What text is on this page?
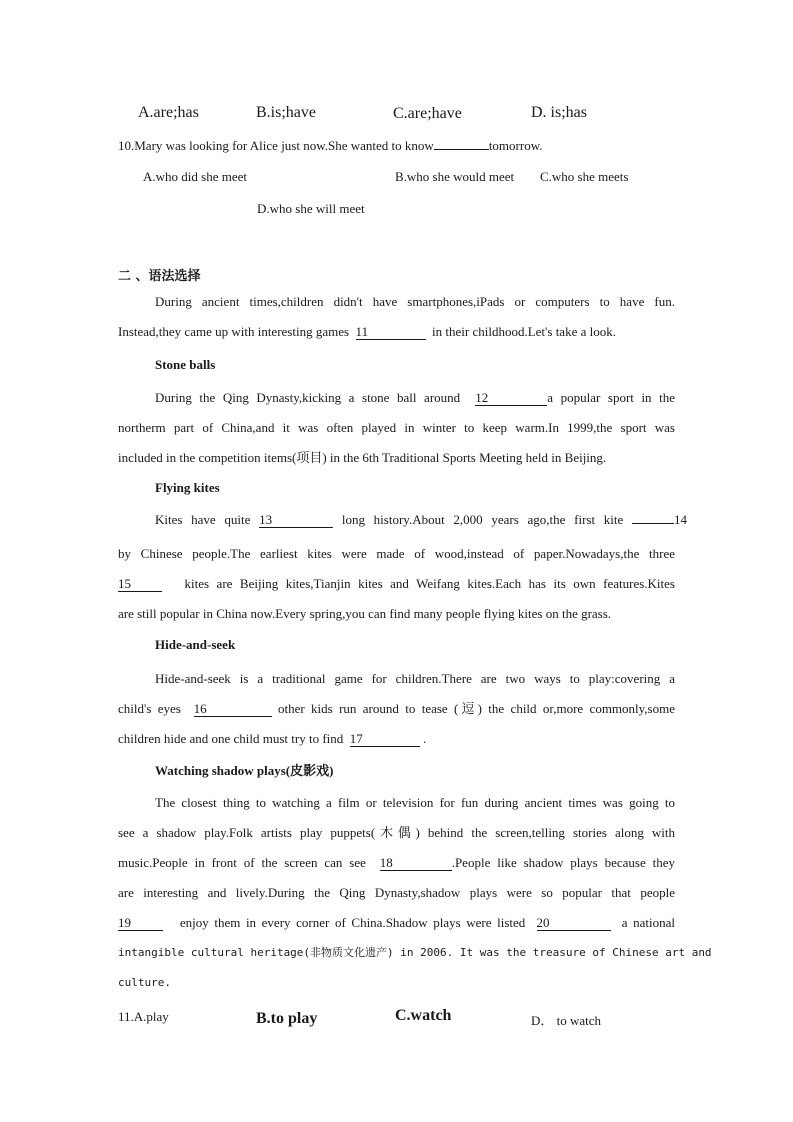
A.are;has	B.is;have	C.are;have	D. is;has
10.Mary was looking for Alice just now.She wanted to know	tomorrow.
A.who did she meet	B.who she would meet C.who she meets
D.who she will meet
二 、语法选择
During ancient times,children didn't have smartphones,iPads or computers to have fun.
Instead,they came up with interesting games 11	in their childhood.Let's take a look.
Stone balls
During the Qing Dynasty,kicking a stone ball around 12	a popular sport in the
northerm part of China,and it was often played in winter to keep warm.In 1999,the sport was
included in the competition items(项目) in the 6th Traditional Sports Meeting held in Beijing.
Flying kites
Kites have quite 13	long history.About 2,000 years ago,the first kite	14
by Chinese people.The earliest kites were made of wood,instead of paper.Nowadays,the three
15	kites are Beijing kites,Tianjin kites and Weifang kites.Each has its own features.Kites
are still popular in China now.Every spring,you can find many people flying kites on the grass.
Hide-and-seek
Hide-and-seek is a traditional game for children.There are two ways to play:covering a
child's eyes 16	other kids run around to tease (逗) the child or,more commonly,some
children hide and one child must try to find 17	.
Watching shadow plays(皮影戏)
The closest thing to watching a film or television for fun during ancient times was going to
see a shadow play.Folk artists play puppets(木偶) behind the screen,telling stories along with
music.People in front of the screen can see 18	.People like shadow plays because they
are interesting and lively.During the Qing Dynasty,shadow plays were so popular that people
19	enjoy them in every corner of China.Shadow plays were listed 20	a national
intangible cultural heritage(非物质文化遗产) in 2006. It was the treasure of Chinese art and
culture.
11.A.play	B.to play	C.watch	D． to watch
